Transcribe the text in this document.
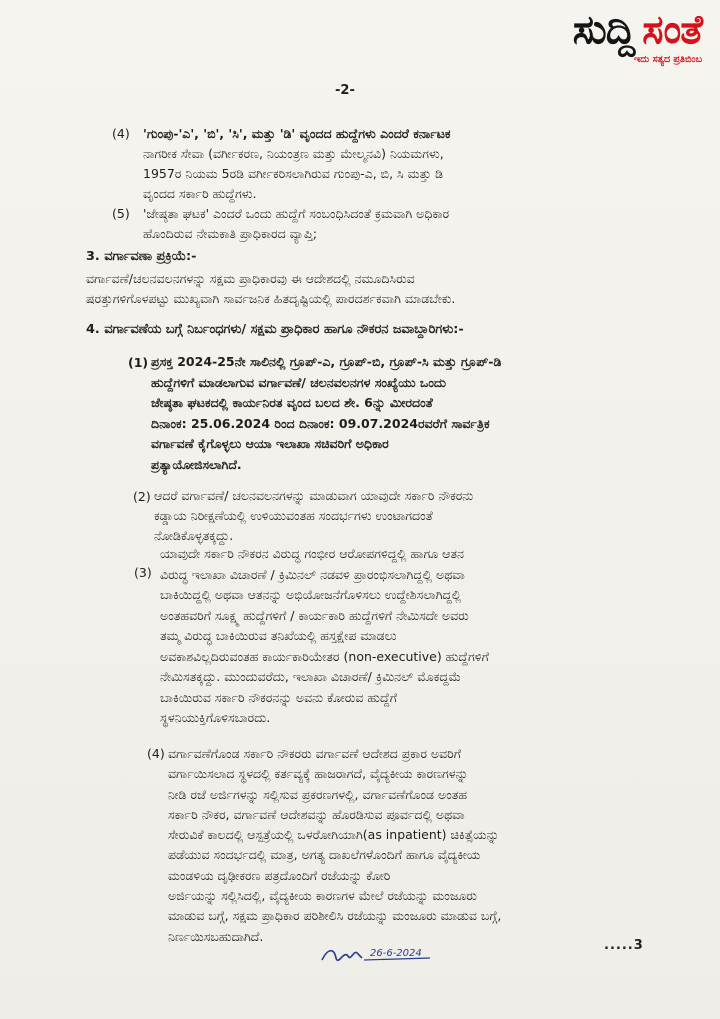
ಸುದ್ದಿ ಸಂತೆ
ಇದು ಸತ್ಯದ ಪ್ರತಿಬಿಂಬ
-2-
(4) 'ಗುಂಪು-'ಎ', 'ಬಿ', 'ಸಿ', ಮತ್ತು 'ಡಿ' ವೃಂದದ ಹುದ್ದೆಗಳು ಎಂದರೆ ಕರ್ನಾಟಕ
ನಾಗರೀಕ ಸೇವಾ (ವರ್ಗೀಕರಣ, ನಿಯಂತ್ರಣ ಮತ್ತು ಮೇಲ್ಮನವಿ) ನಿಯಮಗಳು,
1957ರ ನಿಯಮ 5ರಡಿ ವರ್ಗೀಕರಿಸಲಾಗಿರುವ ಗುಂಪು-ಎ, ಬಿ, ಸಿ ಮತ್ತು ಡಿ
ವೃಂದದ ಸರ್ಕಾರಿ ಹುದ್ದೆಗಳು.
(5) 'ಜೇಷ್ಠತಾ ಘಟಕ' ಎಂದರೆ ಒಂದು ಹುದ್ದೆಗೆ ಸಂಬಂಧಿಸಿದಂತೆ ಕ್ರಮವಾಗಿ ಅಧಿಕಾರ
ಹೊಂದಿರುವ ನೇಮಕಾತಿ ಪ್ರಾಧಿಕಾರದ ವ್ಯಾಪ್ತಿ;
3. ವರ್ಗಾವಣಾ ಪ್ರಕ್ರಿಯೆ:-
ವರ್ಗಾವಣೆ/ಚಲನವಲನಗಳನ್ನು ಸಕ್ಷಮ ಪ್ರಾಧಿಕಾರವು ಈ ಆದೇಶದಲ್ಲಿ ನಮೂದಿಸಿರುವ
ಷರತ್ತುಗಳಿಗೊಳಪಟ್ಟು ಮುಖ್ಯವಾಗಿ ಸಾರ್ವಜನಿಕ ಹಿತದೃಷ್ಟಿಯಲ್ಲಿ ಪಾರದರ್ಶಕವಾಗಿ ಮಾಡಬೇಕು.
4. ವರ್ಗಾವಣೆಯ ಬಗ್ಗೆ ನಿರ್ಬಂಧಗಳು/ ಸಕ್ಷಮ ಪ್ರಾಧಿಕಾರ ಹಾಗೂ ನೌಕರನ ಜವಾಬ್ದಾರಿಗಳು:-
(1) ಪ್ರಸಕ್ತ 2024-25ನೇ ಸಾಲಿನಲ್ಲಿ ಗ್ರೂಪ್-ಎ, ಗ್ರೂಪ್-ಬಿ, ಗ್ರೂಪ್-ಸಿ ಮತ್ತು ಗ್ರೂಪ್-ಡಿ
ಹುದ್ದೆಗಳಿಗೆ ಮಾಡಲಾಗುವ ವರ್ಗಾವಣೆ/ ಚಲನವಲನಗಳ ಸಂಖ್ಯೆಯು ಒಂದು
ಜೇಷ್ಠತಾ ಘಟಕದಲ್ಲಿ ಕಾರ್ಯನಿರತ ವೃಂದ ಬಲದ ಶೇ. 6ನ್ನು ಮೀರದಂತೆ
ದಿನಾಂಕ: 25.06.2024 ರಿಂದ ದಿನಾಂಕ: 09.07.2024ರವರೆಗೆ ಸಾರ್ವತ್ರಿಕ
ವರ್ಗಾವಣೆ ಕೈಗೊಳ್ಳಲು ಆಯಾ ಇಲಾಖಾ ಸಚಿವರಿಗೆ ಅಧಿಕಾರ
ಪ್ರತ್ಯಾಯೋಜಿಸಲಾಗಿದೆ.
(2) ಆದರೆ ವರ್ಗಾವಣೆ/ ಚಲನವಲನಗಳನ್ನು ಮಾಡುವಾಗ ಯಾವುದೇ ಸರ್ಕಾರಿ ನೌಕರನು
ಕಡ್ಡಾಯ ನಿರೀಕ್ಷಣೆಯಲ್ಲಿ ಉಳಿಯುವಂತಹ ಸಂದರ್ಭಗಳು ಉಂಟಾಗದಂತೆ
ನೋಡಿಕೊಳ್ಳತಕ್ಕದ್ದು.
(3)
ಯಾವುದೇ ಸರ್ಕಾರಿ ನೌಕರನ ವಿರುದ್ಧ ಗಂಭೀರ ಆರೋಪಗಳಿದ್ದಲ್ಲಿ ಹಾಗೂ ಆತನ
ವಿರುದ್ಧ ಇಲಾಖಾ ವಿಚಾರಣೆ / ಕ್ರಿಮಿನಲ್ ನಡವಳಿ ಪ್ರಾರಂಭಿಸಲಾಗಿದ್ದಲ್ಲಿ ಅಥವಾ
ಬಾಕಿಯಿದ್ದಲ್ಲಿ ಅಥವಾ ಆತನನ್ನು ಅಭಿಯೋಜನೆಗೊಳಿಸಲು ಉದ್ದೇಶಿಸಲಾಗಿದ್ದಲ್ಲಿ
ಅಂತಹವರಿಗೆ ಸೂಕ್ಷ್ಮ ಹುದ್ದೆಗಳಿಗೆ / ಕಾರ್ಯಕಾರಿ ಹುದ್ದೆಗಳಿಗೆ ನೇಮಿಸದೇ ಅವರು
ತಮ್ಮ ವಿರುದ್ಧ ಬಾಕಿಯಿರುವ ತನಿಖೆಯಲ್ಲಿ ಹಸ್ತಕ್ಷೇಪ ಮಾಡಲು
ಅವಕಾಶವಿಲ್ಲದಿರುವಂತಹ ಕಾರ್ಯಕಾರಿಯೇತರ (non-executive) ಹುದ್ದೆಗಳಿಗೆ
ನೇಮಿಸತಕ್ಕದ್ದು. ಮುಂದುವರೆದು, ಇಲಾಖಾ ವಿಚಾರಣೆ/ ಕ್ರಿಮಿನಲ್ ಮೊಕದ್ದಮೆ
ಬಾಕಿಯಿರುವ ಸರ್ಕಾರಿ ನೌಕರನನ್ನು ಅವನು ಕೋರುವ ಹುದ್ದೆಗೆ
ಸ್ಥಳನಿಯುಕ್ತಿಗೊಳಿಸಬಾರದು.
(4) ವರ್ಗಾವಣೆಗೊಂಡ ಸರ್ಕಾರಿ ನೌಕರರು ವರ್ಗಾವಣೆ ಆದೇಶದ ಪ್ರಕಾರ ಅವರಿಗೆ
ವರ್ಗಾಯಿಸಲಾದ ಸ್ಥಳದಲ್ಲಿ ಕರ್ತವ್ಯಕ್ಕೆ ಹಾಜರಾಗದೆ, ವೈದ್ಯಕೀಯ ಕಾರಣಗಳನ್ನು
ನೀಡಿ ರಜೆ ಅರ್ಜಿಗಳನ್ನು ಸಲ್ಲಿಸುವ ಪ್ರಕರಣಗಳಲ್ಲಿ, ವರ್ಗಾವಣೆಗೊಂಡ ಅಂತಹ
ಸರ್ಕಾರಿ ನೌಕರ, ವರ್ಗಾವಣೆ ಆದೇಶವನ್ನು ಹೊರಡಿಸುವ ಪೂರ್ವದಲ್ಲಿ ಅಥವಾ
ಸೇರುವಿಕೆ ಕಾಲದಲ್ಲಿ ಆಸ್ಪತ್ರೆಯಲ್ಲಿ ಒಳರೋಗಿಯಾಗಿ(as inpatient) ಚಿಕಿತ್ಸೆಯನ್ನು
ಪಡೆಯುವ ಸಂದರ್ಭದಲ್ಲಿ ಮಾತ್ರ, ಅಗತ್ಯ ದಾಖಲೆಗಳೊಂದಿಗೆ ಹಾಗೂ ವೈದ್ಯಕೀಯ
ಮಂಡಳಿಯ ದೃಢೀಕರಣ ಪತ್ರದೊಂದಿಗೆ ರಜೆಯನ್ನು ಕೋರಿ
ಅರ್ಜಿಯನ್ನು ಸಲ್ಲಿಸಿದಲ್ಲಿ, ವೈದ್ಯಕೀಯ ಕಾರಣಗಳ ಮೇಲೆ ರಜೆಯನ್ನು ಮಂಜೂರು
ಮಾಡುವ ಬಗ್ಗೆ, ಸಕ್ಷಮ ಪ್ರಾಧಿಕಾರ ಪರಿಶೀಲಿಸಿ ರಜೆಯನ್ನು ಮಂಜೂರು ಮಾಡುವ ಬಗ್ಗೆ,
ನಿರ್ಣಯಿಸಬಹುದಾಗಿದೆ.
26-6-2024
.....3
